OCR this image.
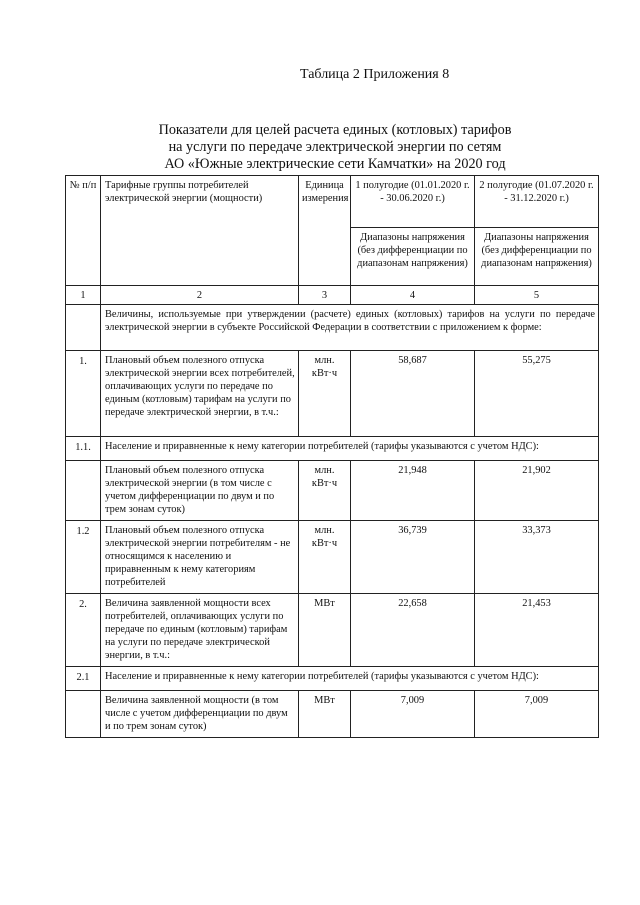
Таблица 2 Приложения 8
Показатели для целей расчета единых (котловых) тарифов
на услуги по передаче электрической энергии по сетям
АО «Южные электрические сети Камчатки» на 2020 год
№ п/п	Тарифные группы потребителей электрической энергии (мощности)	Единица измерения	1 полугодие (01.01.2020 г. - 30.06.2020 г.)	2 полугодие (01.07.2020 г. - 31.12.2020 г.)
			Диапазоны напряжения (без дифференциации по диапазонам напряжения)	Диапазоны напряжения (без дифференциации по диапазонам напряжения)
1	2	3	4	5
	Величины, используемые при утверждении (расчете) единых (котловых) тарифов на услуги по передаче электрической энергии в субъекте Российской Федерации в соответствии с приложением к форме:			
1.	Плановый объем полезного отпуска электрической энергии всех потребителей, оплачивающих услуги по передаче по единым (котловым) тарифам на услуги по передаче электрической энергии, в т.ч.:	млн. кВт·ч	58,687	55,275
1.1.	Население и приравненные к нему категории потребителей (тарифы указываются с учетом НДС):			
	Плановый объем полезного отпуска электрической энергии (в том числе с учетом дифференциации по двум и по трем зонам суток)	млн. кВт·ч	21,948	21,902
1.2	Плановый объем полезного отпуска электрической энергии потребителям - не относящимся к населению и приравненным к нему категориям потребителей	млн. кВт·ч	36,739	33,373
2.	Величина заявленной мощности всех потребителей, оплачивающих услуги по передаче по единым (котловым) тарифам на услуги по передаче электрической энергии, в т.ч.:	МВт	22,658	21,453
2.1	Население и приравненные к нему категории потребителей (тарифы указываются с учетом НДС):			
	Величина заявленной мощности (в том числе с учетом дифференциации по двум и по трем зонам суток)	МВт	7,009	7,009
